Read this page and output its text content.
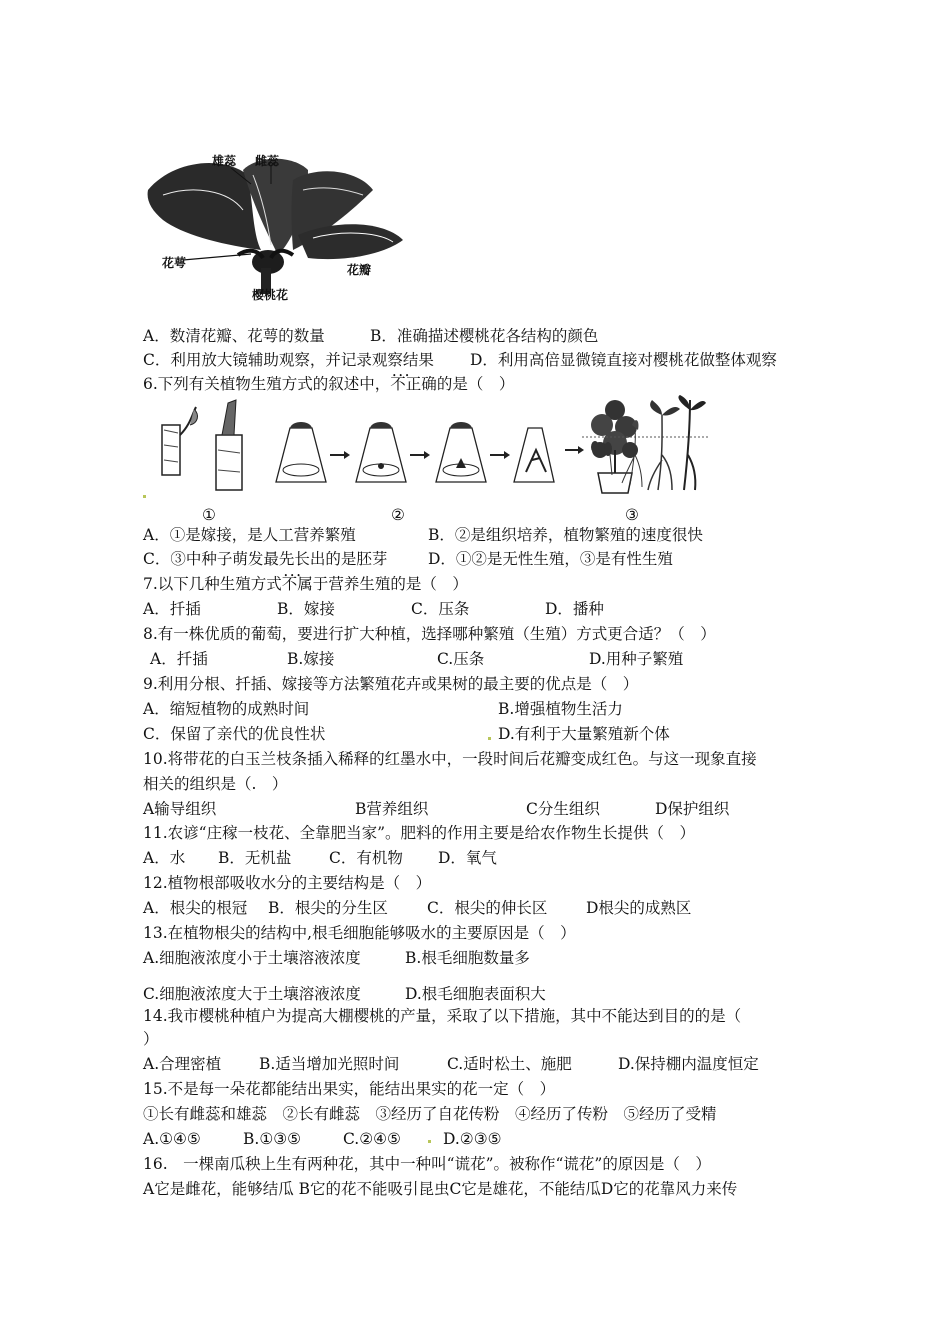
雄蕊 雌蕊
花萼	花瓣
樱桃花
A．数清花瓣、花萼的数量	B．准确描述樱桃花各结构的颜色
C．利用放大镜辅助观察，并记录观察结果 D．利用高倍显微镜直接对樱桃花做整体观察
6.下列有关植物生殖方式的叙述中，不正确 • • •的是（　）
①	②	③
A．①是嫁接，是人工营养繁殖	B．②是组织培养，植物繁殖的速度很快
C．③中种子萌发最先长出的是胚芽	D．①②是无性生殖，③是有性生殖
7.以下几种生殖方式不属于 • • •营养生殖的是（　）
A．扦插	B．嫁接	C．压条	D．播种
8.有一株优质的葡萄，要进行扩大种植，选择哪种繁殖（生殖）方式更合适？（　）
A．扦插	B.嫁接	C.压条	D.用种子繁殖
9.利用分根、扦插、嫁接等方法繁殖花卉或果树的最主要的优点是（　）
A．缩短植物的成熟时间	B.增强植物生活力
C．保留了亲代的优良性状	D.有利于大量繁殖新个体
10.将带花的白玉兰枝条插入稀释的红墨水中，一段时间后花瓣变成红色。与这一现象直接
相关的组织是（.　）
A输导组织	B营养组织	C分生组织	D保护组织
11.农谚“庄稼一枝花、全靠肥当家”。肥料的作用主要是给农作物生长提供（　）
A．水 B．无机盐 C．有机物 D．氧气
12.植物根部吸收水分的主要结构是（　）
A．根尖的根冠 B．根尖的分生区	C．根尖的伸长区 D根尖的成熟区
13.在植物根尖的结构中,根毛细胞能够吸水的主要原因是（　）
A.细胞液浓度小于土壤溶液浓度	B.根毛细胞数量多
C.细胞液浓度大于土壤溶液浓度	D.根毛细胞表面积大
14.我市樱桃种植户为提高大棚樱桃的产量，采取了以下措施，其中不能达到目的的是（
）
A.合理密植 B.适当增加光照时间	C.适时松土、施肥	D.保持棚内温度恒定
15.不是每一朵花都能结出果实，能结出果实的花一定（　）
①长有雌蕊和雄蕊　②长有雌蕊　③经历了自花传粉　④经历了传粉　⑤经历了受精
A.①④⑤	B.①③⑤	C.②④⑤	D.②③⑤
16.　一棵南瓜秧上生有两种花，其中一种叫“谎花”。被称作“谎花”的原因是（　）
A它是雌花，能够结瓜 B它的花不能吸引昆虫C它是雄花，不能结瓜D它的花靠风力来传
